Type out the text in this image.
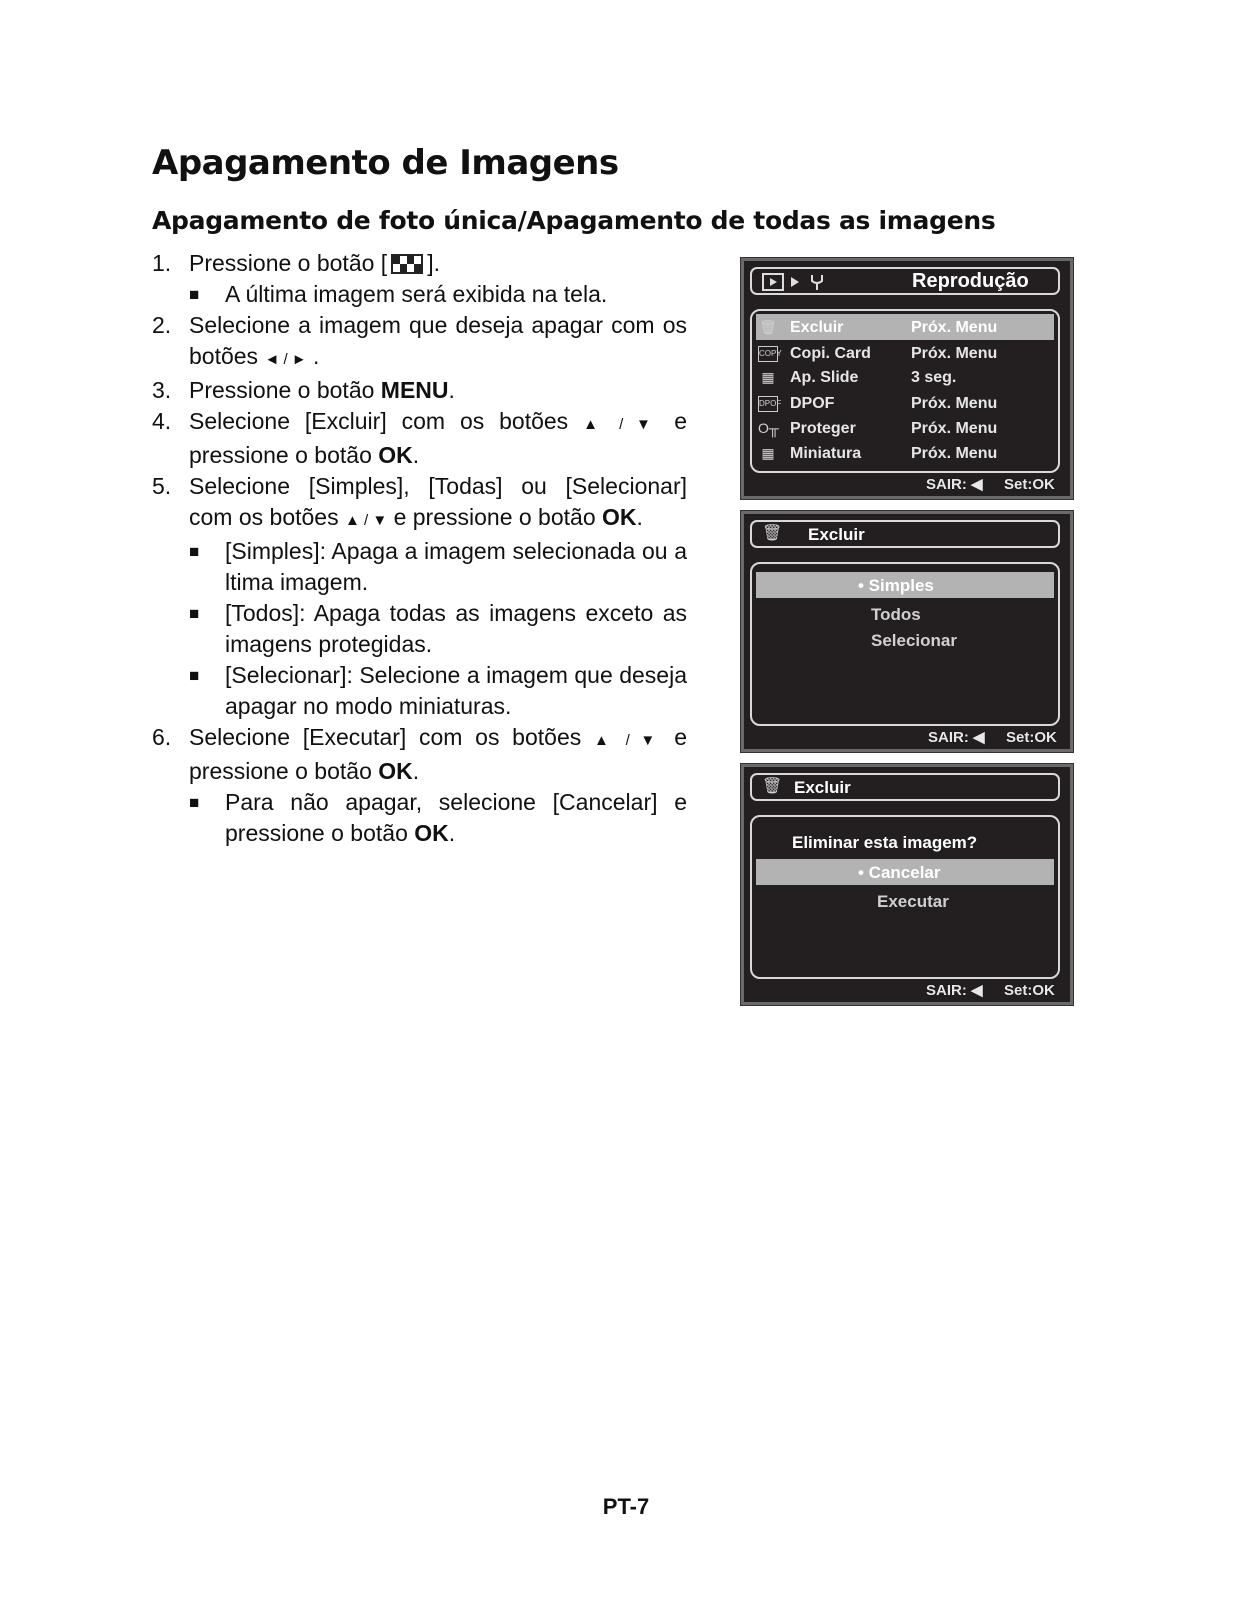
Apagamento de Imagens
Apagamento de foto única/Apagamento de todas as imagens
1. Pressione o botão [ ].
■	A última imagem será exibida na tela.
2. Selecione a imagem que deseja apagar com os botões ◄ / ► .
3. Pressione o botão MENU.
4. Selecione [Excluir] com os botões ▲ / ▼ e pressione o botão OK.
5. Selecione [Simples], [Todas] ou [Selecionar] com os botões ▲ / ▼ e pressione o botão OK.
■	[Simples]: Apaga a imagem selecionada ou a ltima imagem.
■	[Todos]: Apaga todas as imagens exceto as imagens protegidas.
■	[Selecionar]: Selecione a imagem que deseja apagar no modo miniaturas.
6. Selecione [Executar] com os botões ▲ / ▼ e pressione o botão OK.
■	Para não apagar, selecione [Cancelar] e pressione o botão OK.
Reprodução
🗑 Excluir	Próx. Menu
COPY Copi. Card	Próx. Menu
▦ Ap. Slide	3 seg.
DPOF DPOF	Próx. Menu
O╥ Proteger	Próx. Menu
▦ Miniatura	Próx. Menu
SAIR: ◀ Set:OK
🗑 Excluir
• Simples
Todos
Selecionar
SAIR: ◀ Set:OK
🗑 Excluir
Eliminar esta imagem?
• Cancelar
Executar
SAIR: ◀ Set:OK
PT-7
